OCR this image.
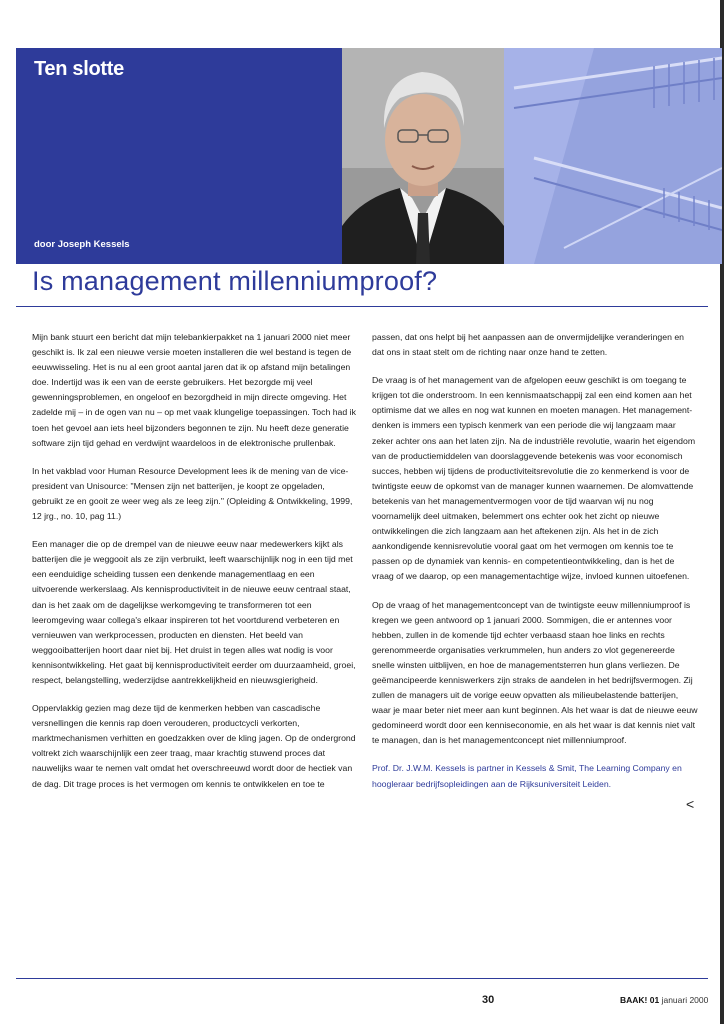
Ten slotte
door Joseph Kessels
Is management millenniumproof?

Mijn bank stuurt een bericht dat mijn telebankierpakket na 1 januari 2000 niet meer geschikt is. Ik zal een nieuwe versie moeten installeren die wel bestand is tegen de eeuwwisseling. Het is nu al een groot aantal jaren dat ik op afstand mijn betalingen doe. Indertijd was ik een van de eerste gebruikers. Het bezorgde mij veel gewenningsproblemen, en ongeloof en bezorgdheid in mijn directe omgeving. Het zadelde mij – in de ogen van nu – op met vaak klungelige toepassingen. Toch had ik toen het gevoel aan iets heel bijzonders begonnen te zijn. Nu heeft deze generatie software zijn tijd gehad en verdwijnt waardeloos in de elektronische prullenbak.

In het vakblad voor Human Resource Development lees ik de mening van de vice-president van Unisource: "Mensen zijn net batterijen, je koopt ze opgeladen, gebruikt ze en gooit ze weer weg als ze leeg zijn." (Opleiding & Ontwikkeling, 1999, 12 jrg., no. 10, pag 11.)

Een manager die op de drempel van de nieuwe eeuw naar medewerkers kijkt als batterijen die je weggooit als ze zijn verbruikt, leeft waarschijnlijk nog in een tijd met een eenduidige scheiding tussen een denkende managementlaag en een uitvoerende werkerslaag. Als kennisproductiviteit in de nieuwe eeuw centraal staat, dan is het zaak om de dagelijkse werkomgeving te transformeren tot een leeromgeving waar collega's elkaar inspireren tot het voortdurend verbeteren en vernieuwen van werkprocessen, producten en diensten. Het beeld van weggooibatterijen hoort daar niet bij. Het druist in tegen alles wat nodig is voor kennisontwikkeling. Het gaat bij kennisproductiviteit eerder om duurzaamheid, groei, respect, belangstelling, wederzijdse aantrekkelijkheid en nieuwsgierigheid.

Oppervlakkig gezien mag deze tijd de kenmerken hebben van cascadische versnellingen die kennis rap doen verouderen, productcycli verkorten, marktmechanismen verhitten en goedzakken over de kling jagen. Op de ondergrond voltrekt zich waarschijnlijk een zeer traag, maar krachtig stuwend proces dat nauwelijks waar te nemen valt omdat het overschreeuwd wordt door de hectiek van de dag. Dit trage proces is het vermogen om kennis te ontwikkelen en toe te

passen, dat ons helpt bij het aanpassen aan de onvermijdelijke veranderingen en dat ons in staat stelt om de richting naar onze hand te zetten.

De vraag is of het management van de afgelopen eeuw geschikt is om toegang te krijgen tot die onderstroom. In een kennismaatschappij zal een eind komen aan het optimisme dat we alles en nog wat kunnen en moeten managen. Het management-denken is immers een typisch kenmerk van een periode die wij langzaam maar zeker achter ons aan het laten zijn. Na de industriële revolutie, waarin het eigendom van de productiemiddelen van doorslaggevende betekenis was voor economisch succes, hebben wij tijdens de productiviteitsrevolutie die zo kenmerkend is voor de twintigste eeuw de opkomst van de manager kunnen waarnemen. De alomvattende betekenis van het managementvermogen voor de tijd waarvan wij nu nog voornamelijk deel uitmaken, belemmert ons echter ook het zicht op nieuwe ontwikkelingen die zich langzaam aan het aftekenen zijn. Als het in de zich aankondigende kennisrevolutie vooral gaat om het vermogen om kennis toe te passen op de dynamiek van kennis- en competentieontwikkeling, dan is het de vraag of we daarop, op een managementachtige wijze, invloed kunnen uitoefenen.

Op de vraag of het managementconcept van de twintigste eeuw millenniumproof is kregen we geen antwoord op 1 januari 2000. Sommigen, die er antennes voor hebben, zullen in de komende tijd echter verbaasd staan hoe links en rechts gerenommeerde organisaties verkrummelen, hun anders zo vlot gegenereerde snelle winsten uitblijven, en hoe de managementsterren hun glans verliezen. De geëmancipeerde kenniswerkers zijn straks de aandelen in het bedrijfsvermogen. Zij zullen de managers uit de vorige eeuw opvatten als milieubelastende batterijen, waar je maar beter niet meer aan kunt beginnen. Als het waar is dat de nieuwe eeuw gedomineerd wordt door een kenniseconomie, en als het waar is dat kennis niet valt te managen, dan is het managementconcept niet millenniumproof.

Prof. Dr. J.W.M. Kessels is partner in Kessels & Smit, The Learning Company en hoogleraar bedrijfsopleidingen aan de Rijksuniversiteit Leiden.

<
30	BAAK! 01 januari 2000
